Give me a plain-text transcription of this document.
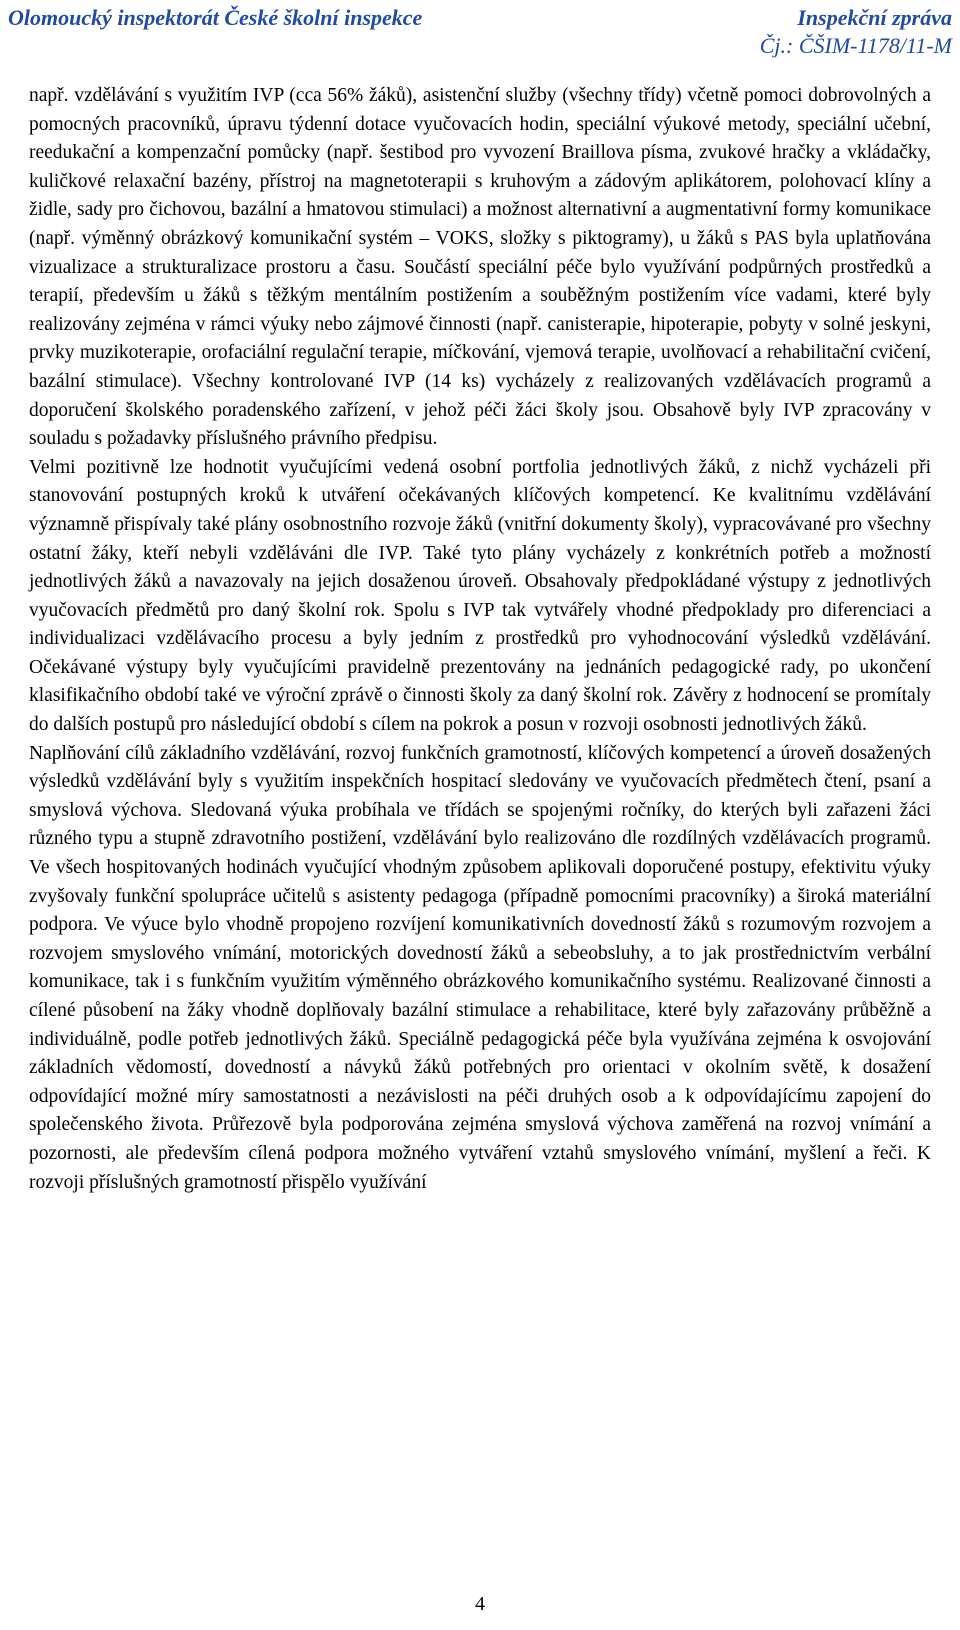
Olomoucký inspektorát České školní inspekce	Inspekční zpráva
Čj.: ČŠIM-1178/11-M

např. vzdělávání s využitím IVP (cca 56% žáků), asistenční služby (všechny třídy) včetně pomoci dobrovolných a pomocných pracovníků, úpravu týdenní dotace vyučovacích hodin, speciální výukové metody, speciální učební, reedukační a kompenzační pomůcky (např. šestibod pro vyvození Braillova písma, zvukové hračky a vkládačky, kuličkové relaxační bazény, přístroj na magnetoterapii s kruhovým a zádovým aplikátorem, polohovací klíny a židle, sady pro čichovou, bazální a hmatovou stimulaci) a možnost alternativní a augmentativní formy komunikace (např. výměnný obrázkový komunikační systém – VOKS, složky s piktogramy), u žáků s PAS byla uplatňována vizualizace a strukturalizace prostoru a času. Součástí speciální péče bylo využívání podpůrných prostředků a terapií, především u žáků s těžkým mentálním postižením a souběžným postižením více vadami, které byly realizovány zejména v rámci výuky nebo zájmové činnosti (např. canisterapie, hipoterapie, pobyty v solné jeskyni, prvky muzikoterapie, orofaciální regulační terapie, míčkování, vjemová terapie, uvolňovací a rehabilitační cvičení, bazální stimulace). Všechny kontrolované IVP (14 ks) vycházely z realizovaných vzdělávacích programů a doporučení školského poradenského zařízení, v jehož péči žáci školy jsou. Obsahově byly IVP zpracovány v souladu s požadavky příslušného právního předpisu.

Velmi pozitivně lze hodnotit vyučujícími vedená osobní portfolia jednotlivých žáků, z nichž vycházeli při stanovování postupných kroků k utváření očekávaných klíčových kompetencí. Ke kvalitnímu vzdělávání významně přispívaly také plány osobnostního rozvoje žáků (vnitřní dokumenty školy), vypracovávané pro všechny ostatní žáky, kteří nebyli vzděláváni dle IVP. Také tyto plány vycházely z konkrétních potřeb a možností jednotlivých žáků a navazovaly na jejich dosaženou úroveň. Obsahovaly předpokládané výstupy z jednotlivých vyučovacích předmětů pro daný školní rok. Spolu s IVP tak vytvářely vhodné předpoklady pro diferenciaci a individualizaci vzdělávacího procesu a byly jedním z prostředků pro vyhodnocování výsledků vzdělávání. Očekávané výstupy byly vyučujícími pravidelně prezentovány na jednáních pedagogické rady, po ukončení klasifikačního období také ve výroční zprávě o činnosti školy za daný školní rok. Závěry z hodnocení se promítaly do dalších postupů pro následující období s cílem na pokrok a posun v rozvoji osobnosti jednotlivých žáků.

Naplňování cílů základního vzdělávání, rozvoj funkčních gramotností, klíčových kompetencí a úroveň dosažených výsledků vzdělávání byly s využitím inspekčních hospitací sledovány ve vyučovacích předmětech čtení, psaní a smyslová výchova. Sledovaná výuka probíhala ve třídách se spojenými ročníky, do kterých byli zařazeni žáci různého typu a stupně zdravotního postižení, vzdělávání bylo realizováno dle rozdílných vzdělávacích programů. Ve všech hospitovaných hodinách vyučující vhodným způsobem aplikovali doporučené postupy, efektivitu výuky zvyšovaly funkční spolupráce učitelů s asistenty pedagoga (případně pomocními pracovníky) a široká materiální podpora. Ve výuce bylo vhodně propojeno rozvíjení komunikativních dovedností žáků s rozumovým rozvojem a rozvojem smyslového vnímání, motorických dovedností žáků a sebeobsluhy, a to jak prostřednictvím verbální komunikace, tak i s funkčním využitím výměnného obrázkového komunikačního systému. Realizované činnosti a cílené působení na žáky vhodně doplňovaly bazální stimulace a rehabilitace, které byly zařazovány průběžně a individuálně, podle potřeb jednotlivých žáků. Speciálně pedagogická péče byla využívána zejména k osvojování základních vědomostí, dovedností a návyků žáků potřebných pro orientaci v okolním světě, k dosažení odpovídající možné míry samostatnosti a nezávislosti na péči druhých osob a k odpovídajícímu zapojení do společenského života. Průřezově byla podporována zejména smyslová výchova zaměřená na rozvoj vnímání a pozornosti, ale především cílená podpora možného vytváření vztahů smyslového vnímání, myšlení a řeči. K rozvoji příslušných gramotností přispělo využívání

4
